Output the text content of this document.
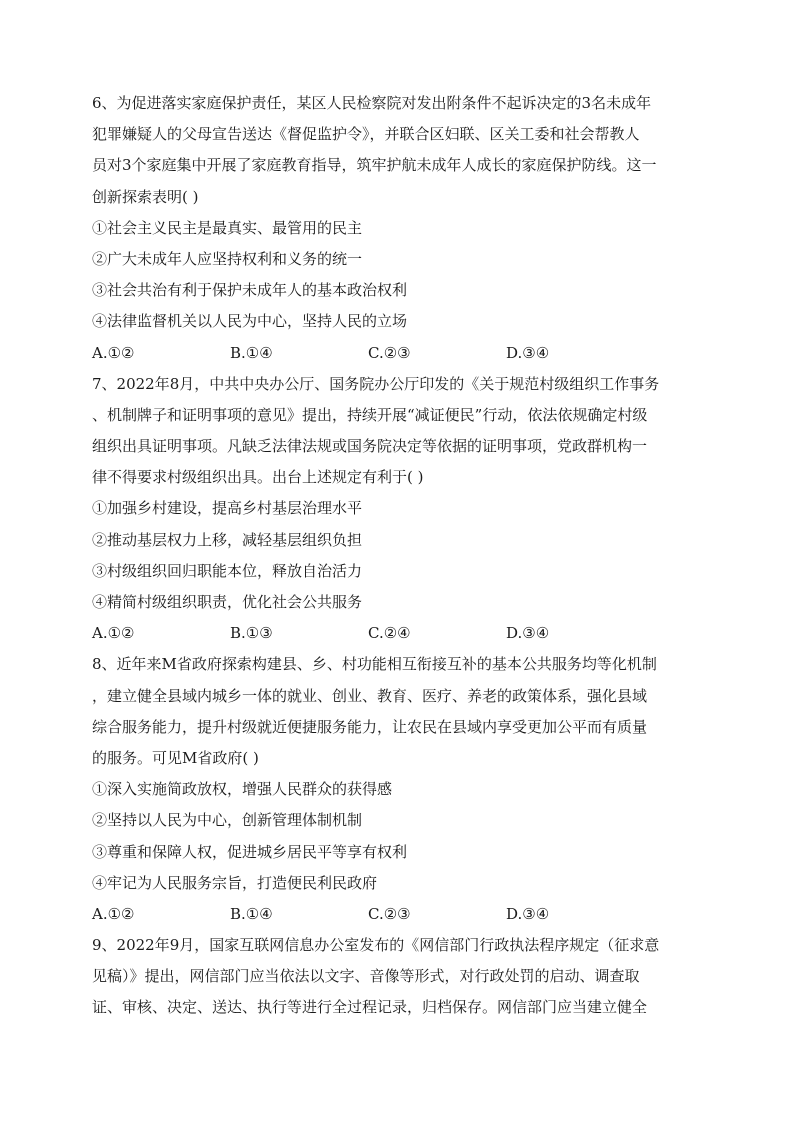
6、为促进落实家庭保护责任，某区人民检察院对发出附条件不起诉决定的3名未成年
犯罪嫌疑人的父母宣告送达《督促监护令》，并联合区妇联、区关工委和社会帮教人
员对3个家庭集中开展了家庭教育指导，筑牢护航未成年人成长的家庭保护防线。这一
创新探索表明( )
①社会主义民主是最真实、最管用的民主
②广大未成年人应坚持权利和义务的统一
③社会共治有利于保护未成年人的基本政治权利
④法律监督机关以人民为中心，坚持人民的立场
A.①②	B.①④	C.②③	D.③④
7、2022年8月，中共中央办公厅、国务院办公厅印发的《关于规范村级组织工作事务
、机制牌子和证明事项的意见》提出，持续开展“减证便民”行动，依法依规确定村级
组织出具证明事项。凡缺乏法律法规或国务院决定等依据的证明事项，党政群机构一
律不得要求村级组织出具。出台上述规定有利于( )
①加强乡村建设，提高乡村基层治理水平
②推动基层权力上移，减轻基层组织负担
③村级组织回归职能本位，释放自治活力
④精简村级组织职责，优化社会公共服务
A.①②	B.①③	C.②④	D.③④
8、近年来M省政府探索构建县、乡、村功能相互衔接互补的基本公共服务均等化机制
，建立健全县域内城乡一体的就业、创业、教育、医疗、养老的政策体系，强化县域
综合服务能力，提升村级就近便捷服务能力，让农民在县域内享受更加公平而有质量
的服务。可见M省政府( )
①深入实施简政放权，增强人民群众的获得感
②坚持以人民为中心，创新管理体制机制
③尊重和保障人权，促进城乡居民平等享有权利
④牢记为人民服务宗旨，打造便民利民政府
A.①②	B.①④	C.②③	D.③④
9、2022年9月，国家互联网信息办公室发布的《网信部门行政执法程序规定（征求意
见稿）》提出，网信部门应当依法以文字、音像等形式，对行政处罚的启动、调查取
证、审核、决定、送达、执行等进行全过程记录，归档保存。网信部门应当建立健全
